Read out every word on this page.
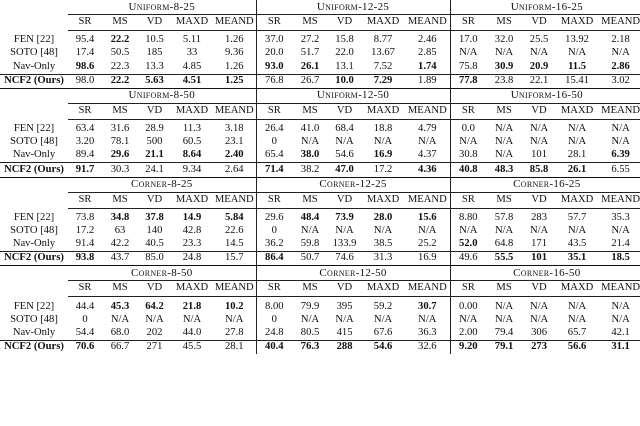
	Uniform-8-25					Uniform-12-25					Uniform-16-25				
	SR	MS	VD	MAXD	MEAND	SR	MS	VD	MAXD	MEAND	SR	MS	VD	MAXD	MEAND

FEN [22]	95.4	22.2	10.5	5.11	1.26	37.0	27.2	15.8	8.77	2.46	17.0	32.0	25.5	13.92	2.18
SOTO [48]	17.4	50.5	185	33	9.36	20.0	51.7	22.0	13.67	2.85	N/A	N/A	N/A	N/A	N/A
Nav-Only	98.6	22.3	13.3	4.85	1.26	93.0	26.1	13.1	7.52	1.74	75.8	30.9	20.9	11.5	2.86
NCF2 (Ours)	98.0	22.2	5.63	4.51	1.25	76.8	26.7	10.0	7.29	1.89	77.8	23.8	22.1	15.41	3.02
	Uniform-8-50					Uniform-12-50					Uniform-16-50				
	SR	MS	VD	MAXD	MEAND	SR	MS	VD	MAXD	MEAND	SR	MS	VD	MAXD	MEAND

FEN [22]	63.4	31.6	28.9	11.3	3.18	26.4	41.0	68.4	18.8	4.79	0.0	N/A	N/A	N/A	N/A
SOTO [48]	3.20	78.1	500	60.5	23.1	0	N/A	N/A	N/A	N/A	N/A	N/A	N/A	N/A	N/A
Nav-Only	89.4	29.6	21.1	8.64	2.40	65.4	38.0	54.6	16.9	4.37	30.8	N/A	101	28.1	6.39
NCF2 (Ours)	91.7	30.3	24.1	9.34	2.64	71.4	38.2	47.0	17.2	4.36	40.8	48.3	85.8	26.1	6.55
	Corner-8-25					Corner-12-25					Corner-16-25				
	SR	MS	VD	MAXD	MEAND	SR	MS	VD	MAXD	MEAND	SR	MS	VD	MAXD	MEAND

FEN [22]	73.8	34.8	37.8	14.9	5.84	29.6	48.4	73.9	28.0	15.6	8.80	57.8	283	57.7	35.3
SOTO [48]	17.2	63	140	42.8	22.6	0	N/A	N/A	N/A	N/A	N/A	N/A	N/A	N/A	N/A
Nav-Only	91.4	42.2	40.5	23.3	14.5	36.2	59.8	133.9	38.5	25.2	52.0	64.8	171	43.5	21.4
NCF2 (Ours)	93.8	43.7	85.0	24.8	15.7	86.4	50.7	74.6	31.3	16.9	49.6	55.5	101	35.1	18.5
	Corner-8-50					Corner-12-50					Corner-16-50				
	SR	MS	VD	MAXD	MEAND	SR	MS	VD	MAXD	MEAND	SR	MS	VD	MAXD	MEAND

FEN [22]	44.4	45.3	64.2	21.8	10.2	8.00	79.9	395	59.2	30.7	0.00	N/A	N/A	N/A	N/A
SOTO [48]	0	N/A	N/A	N/A	N/A	0	N/A	N/A	N/A	N/A	N/A	N/A	N/A	N/A	N/A
Nav-Only	54.4	68.0	202	44.0	27.8	24.8	80.5	415	67.6	36.3	2.00	79.4	306	65.7	42.1
NCF2 (Ours)	70.6	66.7	271	45.5	28.1	40.4	76.3	288	54.6	32.6	9.20	79.1	273	56.6	31.1
